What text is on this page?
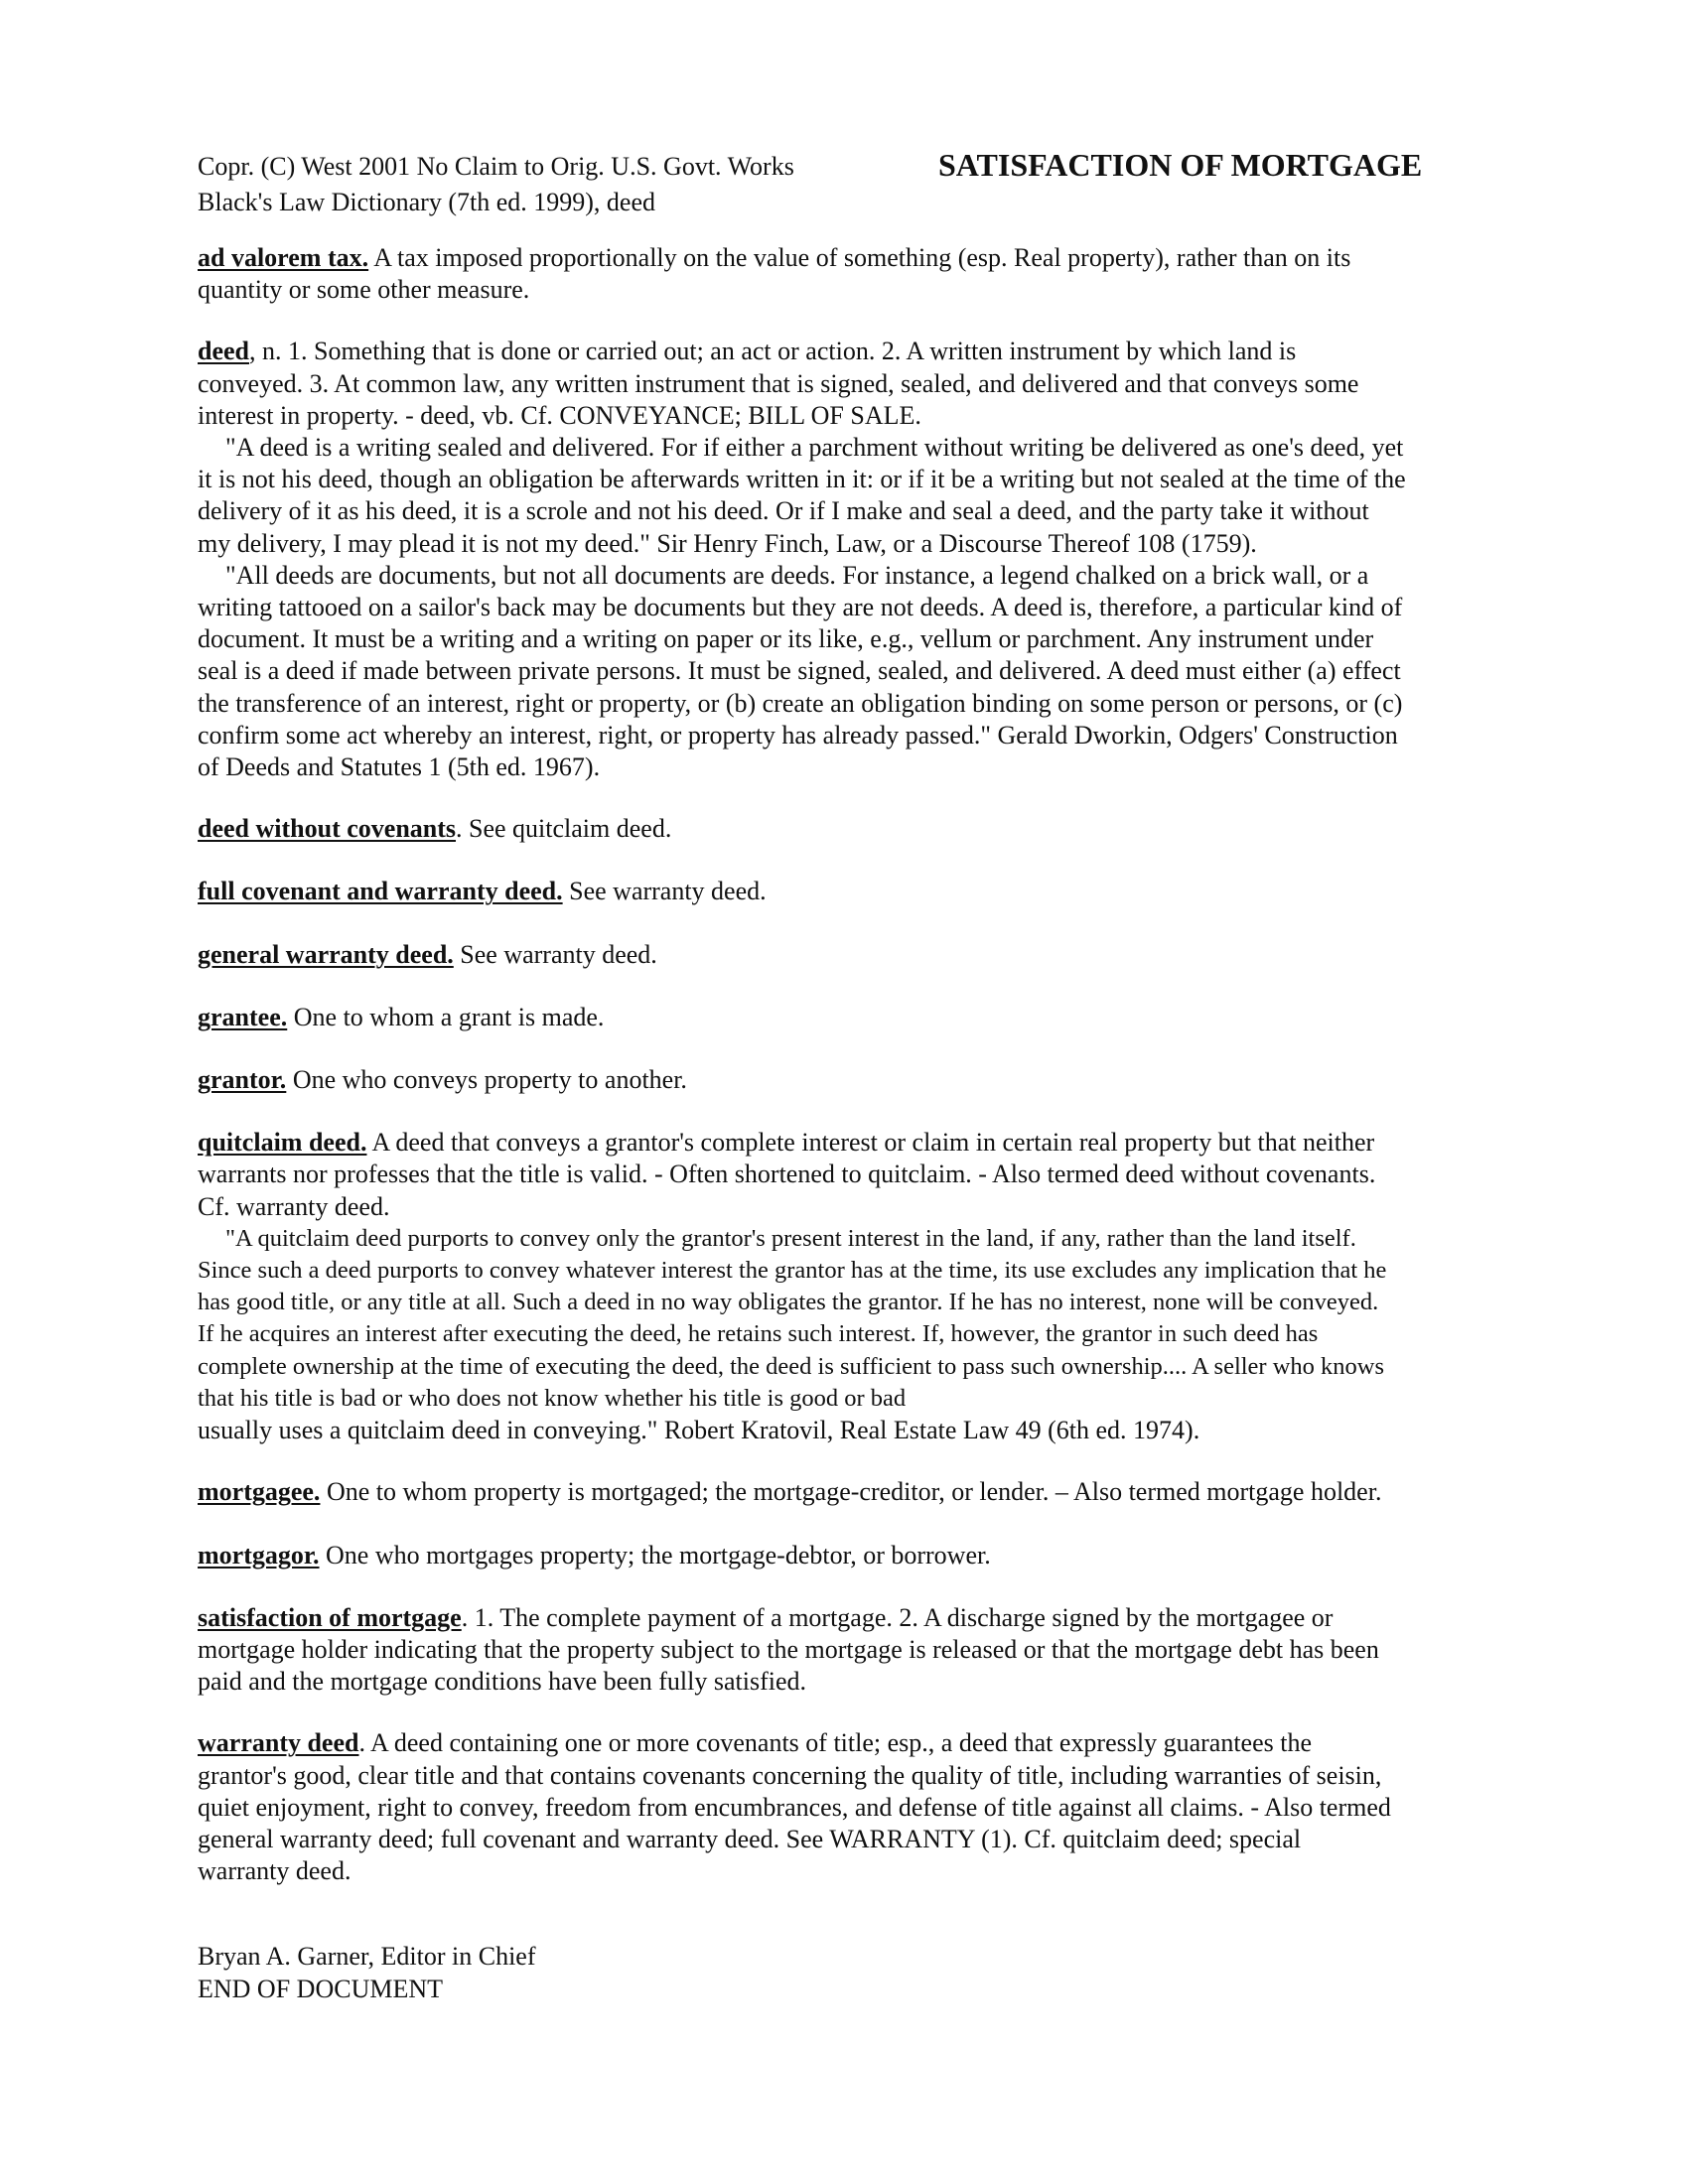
Copr. (C) West 2001 No Claim to Orig. U.S. Govt. Works
Black's Law Dictionary (7th ed. 1999), deed
SATISFACTION OF MORTGAGE
ad valorem tax. A tax imposed proportionally on the value of something (esp. Real property), rather than on its
quantity or some other measure.
deed, n. 1. Something that is done or carried out; an act or action. 2. A written instrument by which land is
conveyed. 3. At common law, any written instrument that is signed, sealed, and delivered and that conveys some
interest in property. - deed, vb. Cf. CONVEYANCE; BILL OF SALE.
"A deed is a writing sealed and delivered. For if either a parchment without writing be delivered as one's deed, yet
it is not his deed, though an obligation be afterwards written in it: or if it be a writing but not sealed at the time of the
delivery of it as his deed, it is a scrole and not his deed. Or if I make and seal a deed, and the party take it without
my delivery, I may plead it is not my deed." Sir Henry Finch, Law, or a Discourse Thereof 108 (1759).
"All deeds are documents, but not all documents are deeds. For instance, a legend chalked on a brick wall, or a
writing tattooed on a sailor's back may be documents but they are not deeds. A deed is, therefore, a particular kind of
document. It must be a writing and a writing on paper or its like, e.g., vellum or parchment. Any instrument under
seal is a deed if made between private persons. It must be signed, sealed, and delivered. A deed must either (a) effect
the transference of an interest, right or property, or (b) create an obligation binding on some person or persons, or (c)
confirm some act whereby an interest, right, or property has already passed." Gerald Dworkin, Odgers' Construction
of Deeds and Statutes 1 (5th ed. 1967).
deed without covenants. See quitclaim deed.
full covenant and warranty deed. See warranty deed.
general warranty deed. See warranty deed.
grantee. One to whom a grant is made.
grantor. One who conveys property to another.
quitclaim deed. A deed that conveys a grantor's complete interest or claim in certain real property but that neither
warrants nor professes that the title is valid. - Often shortened to quitclaim. - Also termed deed without covenants.
Cf. warranty deed.
"A quitclaim deed purports to convey only the grantor's present interest in the land, if any, rather than the land itself.
Since such a deed purports to convey whatever interest the grantor has at the time, its use excludes any implication that he
has good title, or any title at all. Such a deed in no way obligates the grantor. If he has no interest, none will be conveyed.
If he acquires an interest after executing the deed, he retains such interest. If, however, the grantor in such deed has
complete ownership at the time of executing the deed, the deed is sufficient to pass such ownership.... A seller who knows
that his title is bad or who does not know whether his title is good or bad
usually uses a quitclaim deed in conveying." Robert Kratovil, Real Estate Law 49 (6th ed. 1974).
mortgagee. One to whom property is mortgaged; the mortgage-creditor, or lender. – Also termed mortgage holder.
mortgagor. One who mortgages property; the mortgage-debtor, or borrower.
satisfaction of mortgage. 1. The complete payment of a mortgage. 2. A discharge signed by the mortgagee or
mortgage holder indicating that the property subject to the mortgage is released or that the mortgage debt has been
paid and the mortgage conditions have been fully satisfied.
warranty deed. A deed containing one or more covenants of title; esp., a deed that expressly guarantees the
grantor's good, clear title and that contains covenants concerning the quality of title, including warranties of seisin,
quiet enjoyment, right to convey, freedom from encumbrances, and defense of title against all claims. - Also termed
general warranty deed; full covenant and warranty deed. See WARRANTY (1). Cf. quitclaim deed; special
warranty deed.
Bryan A. Garner, Editor in Chief
END OF DOCUMENT
